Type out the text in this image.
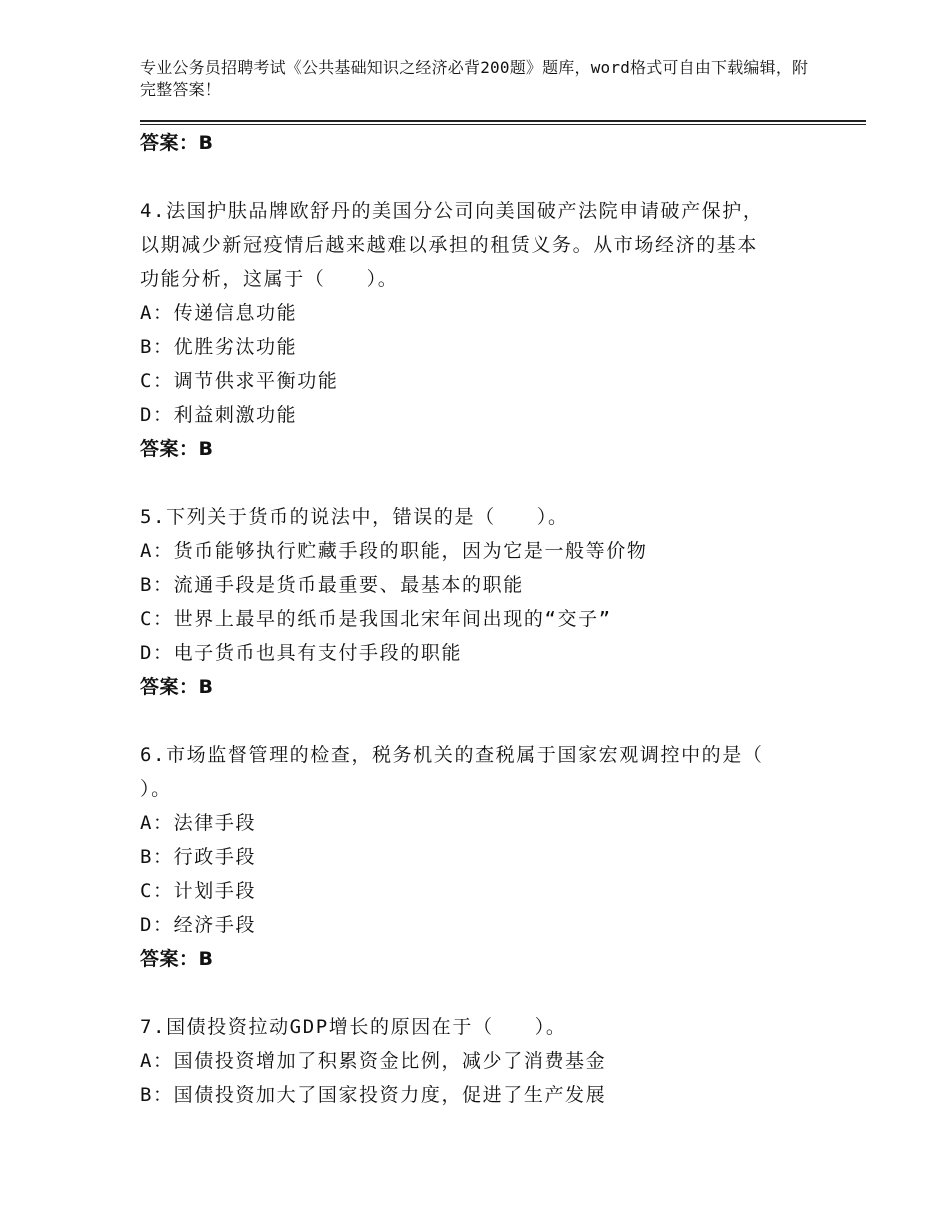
专业公务员招聘考试《公共基础知识之经济必背200题》题库，word格式可自由下载编辑，附完整答案！
答案：B
4.法国护肤品牌欧舒丹的美国分公司向美国破产法院申请破产保护，
以期减少新冠疫情后越来越难以承担的租赁义务。从市场经济的基本
功能分析，这属于（　　）。
A：传递信息功能
B：优胜劣汰功能
C：调节供求平衡功能
D：利益刺激功能
答案：B
5.下列关于货币的说法中，错误的是（　　）。
A：货币能够执行贮藏手段的职能，因为它是一般等价物
B：流通手段是货币最重要、最基本的职能
C：世界上最早的纸币是我国北宋年间出现的“交子”
D：电子货币也具有支付手段的职能
答案：B
6.市场监督管理的检查，税务机关的查税属于国家宏观调控中的是（
）。
A：法律手段
B：行政手段
C：计划手段
D：经济手段
答案：B
7.国债投资拉动GDP增长的原因在于（　　）。
A：国债投资增加了积累资金比例，减少了消费基金
B：国债投资加大了国家投资力度，促进了生产发展
